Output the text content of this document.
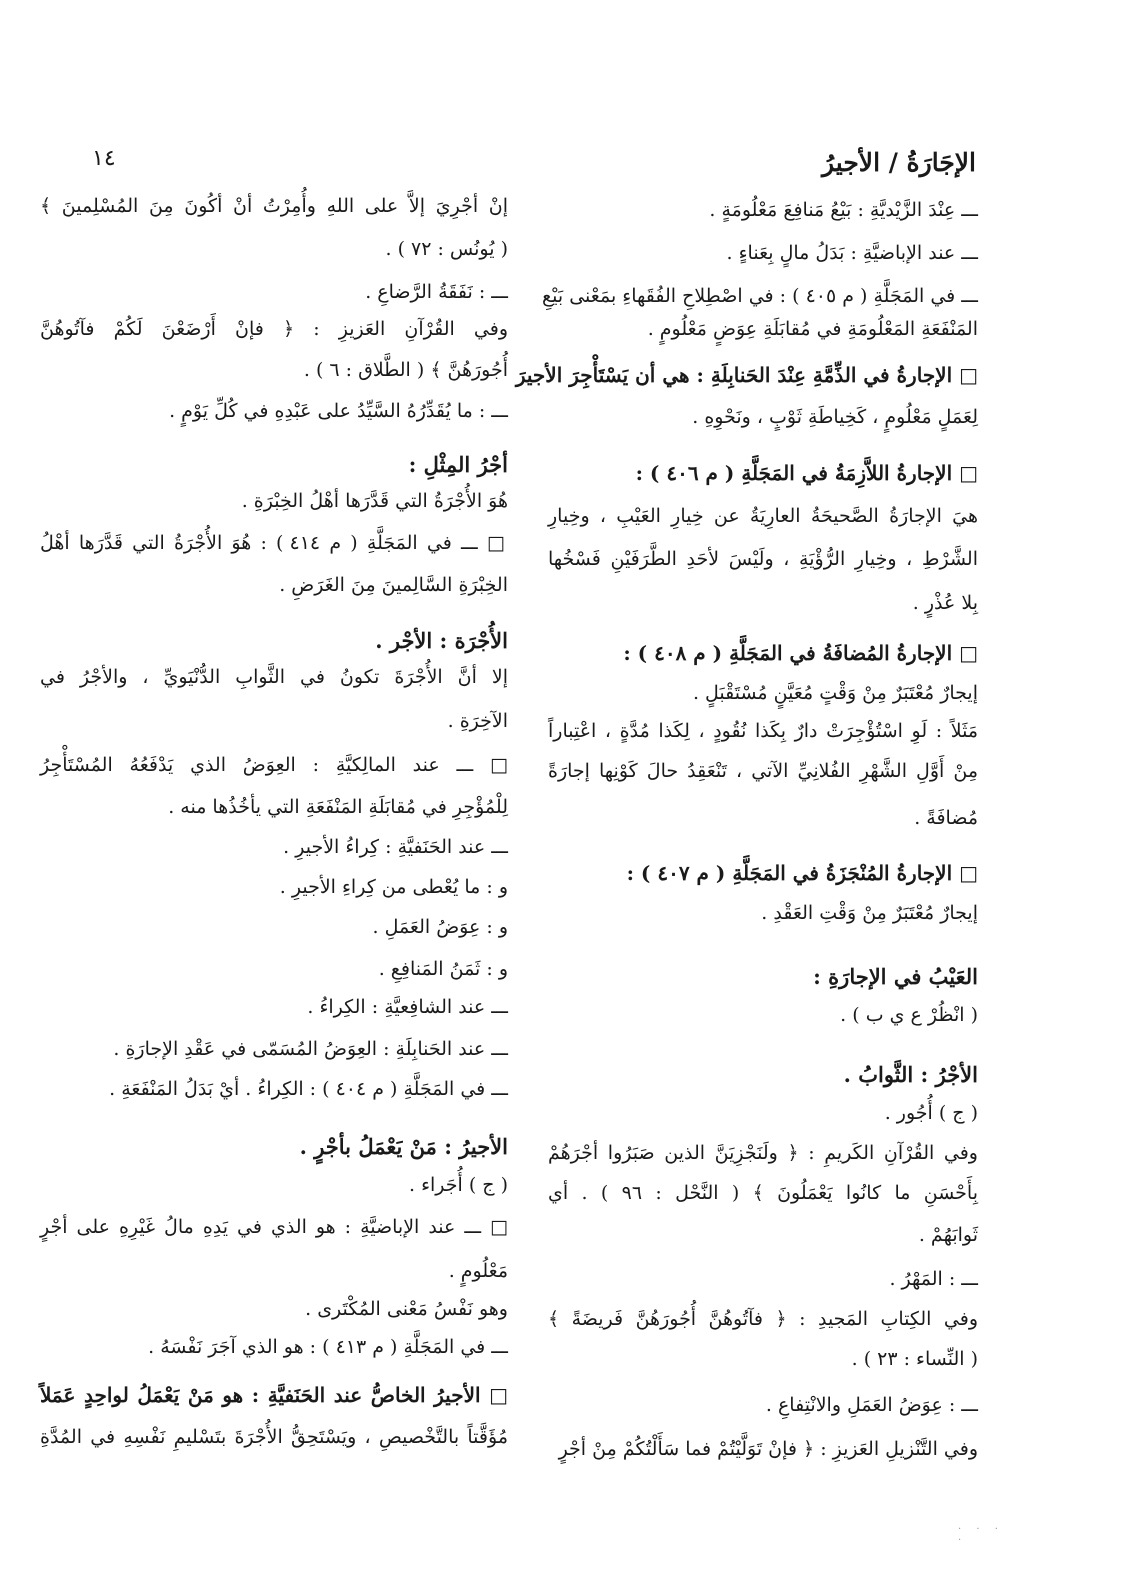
الإجَارَةُ / الأجيرُ
١٤
ـــ عِنْدَ الزَّيْديَّةِ : بَيْعُ مَنافِعَ مَعْلُومَةٍ .
ـــ عند الإباضيَّةِ : بَدَلُ مالٍ بِعَناءٍ .
ـــ في المَجَلَّةِ ( م ٤٠٥ ) : في اصْطِلاحِ الفُقَهاءِ بمَعْنى بَيْعِ
المَنْفَعَةِ المَعْلُومَةِ في مُقابَلَةِ عِوَضٍ مَعْلُومٍ .
□ الإجارةُ في الذِّمَّةِ عِنْدَ الحَنابِلَةِ : هي أن يَسْتَأْجِرَ الأجيرَ
لِعَمَلٍ مَعْلُومٍ ، كَخِياطَةِ ثَوْبٍ ، ونَحْوِهِ .
□ الإجارةُ اللاَّزِمَةُ في المَجَلَّةِ ( م ٤٠٦ ) :
هيَ الإجارَةُ الصَّحيحَةُ العارِيَةُ عن خِيارِ العَيْبِ ، وخِيارِ
الشَّرْطِ ، وخِيارِ الرُّؤْيَةِ ، ولَيْسَ لأحَدِ الطَّرَفَيْنِ فَسْخُها
بِلا عُذْرٍ .
□ الإجارةُ المُضافَةُ في المَجَلَّةِ ( م ٤٠٨ ) :
إيجارٌ مُعْتَبَرٌ مِنْ وَقْتٍ مُعَيَّنٍ مُسْتَقْبَلٍ .
مَثَلاً : لَوِ اسْتُؤْجِرَتْ دارٌ بِكَذا نُقُودٍ ، لِكَذا مُدَّةٍ ، اعْتِباراً
مِنْ أَوَّلِ الشَّهْرِ الفُلانِيِّ الآتي ، تَنْعَقِدُ حالَ كَوْنِها إجارَةً
مُضافَةً .
□ الإجارةُ المُنْجَزَةُ في المَجَلَّةِ ( م ٤٠٧ ) :
إيجارٌ مُعْتَبَرٌ مِنْ وَقْتِ العَقْدِ .
العَيْبُ في الإجارَةِ :
( انْظُرْ ع ي ب ) .
الأجْرُ : الثَّوابُ .
( ج ) أُجُور .
وفي القُرْآنِ الكَريمِ : ﴿ ولَنَجْزِيَنَّ الذين صَبَرُوا أجْرَهُمْ
بِأَحْسَنِ ما كانُوا يَعْمَلُونَ ﴾ ( النَّحْل : ٩٦ ) . أي
ثَوابَهُمْ .
ـــ : المَهْرُ .
وفي الكِتابِ المَجيدِ : ﴿ فآتُوهُنَّ أُجُورَهُنَّ فَريضَةً ﴾
( النِّساء : ٢٣ ) .
ـــ : عِوَضُ العَمَلِ والانْتِفاعِ .
وفي التَّنْزيلِ العَزيزِ : ﴿ فإنْ تَوَلَّيْتُمْ فما سَأَلْتُكُمْ مِنْ أجْرٍ
إنْ أجْرِيَ إلاَّ على اللهِ وأُمِرْتُ أنْ أكُونَ مِنَ المُسْلِمينَ ﴾
( يُونُس : ٧٢ ) .
ـــ : نَفَقَةُ الرَّضاعِ .
وفي القُرْآنِ العَزيزِ : ﴿ فإنْ أَرْضَعْنَ لَكُمْ فآتُوهُنَّ
أُجُورَهُنَّ ﴾ ( الطَّلاق : ٦ ) .
ـــ : ما يُقَدِّرُهُ السَّيِّدُ على عَبْدِهِ في كُلِّ يَوْمٍ .
أجْرُ المِثْلِ :
هُوَ الأُجْرَةُ التي قَدَّرَها أهْلُ الخِبْرَةِ .
□ ـــ في المَجَلَّةِ ( م ٤١٤ ) : هُوَ الأُجْرَةُ التي قَدَّرَها أهْلُ
الخِبْرَةِ السَّالِمينَ مِنَ الغَرَضِ .
الأُجْرَة : الأجْر .
إلا أنَّ الأُجْرَةَ تكونُ في الثَّوابِ الدُّنْيَويِّ ، والأجْرُ في
الآخِرَةِ .
□ ـــ عند المالِكيَّةِ : العِوَضُ الذي يَدْفَعُهُ المُسْتَأْجِرُ
لِلْمُؤْجِرِ في مُقابَلَةِ المَنْفَعَةِ التي يأخُذُها منه .
ـــ عند الحَنَفيَّةِ : كِراءُ الأجيرِ .
و : ما يُعْطى من كِراءِ الأجيرِ .
و : عِوَضُ العَمَلِ .
و : ثَمَنُ المَنافِعِ .
ـــ عند الشافِعيَّةِ : الكِراءُ .
ـــ عند الحَنابِلَةِ : العِوَضُ المُسَمّى في عَقْدِ الإجارَةِ .
ـــ في المَجَلَّةِ ( م ٤٠٤ ) : الكِراءُ . أيْ بَدَلُ المَنْفَعَةِ .
الأجيرُ : مَنْ يَعْمَلُ بأجْرٍ .
( ج ) أُجَراء .
□ ـــ عند الإباضيَّةِ : هو الذي في يَدِهِ مالُ غَيْرِهِ على أجْرٍ
مَعْلُومٍ .
وهو نَفْسُ مَعْنى المُكْتَرى .
ـــ في المَجَلَّةِ ( م ٤١٣ ) : هو الذي آجَرَ نَفْسَهُ .
□ الأجيرُ الخاصُّ عند الحَنَفيَّةِ : هو مَنْ يَعْمَلُ لواحِدٍ عَمَلاً
مُؤَقَّتاً بالتَّخْصيصِ ، ويَسْتَحِقُّ الأُجْرَةَ بتَسْليمِ نَفْسِهِ في المُدَّةِ
· · · ·
